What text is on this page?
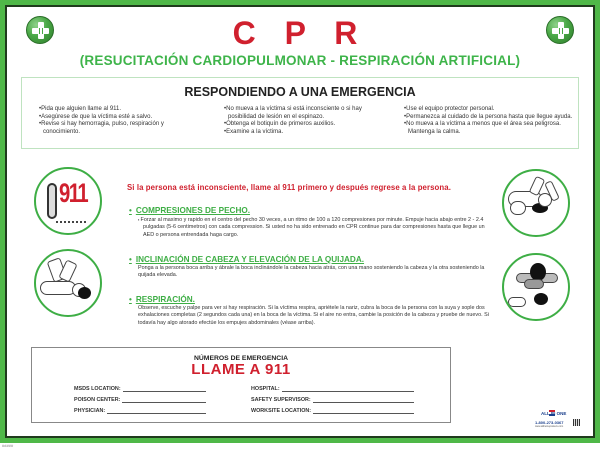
C P R
(RESUCITACIÓN CARDIOPULMONAR - RESPIRACIÓN ARTIFICIAL)
RESPONDIENDO A UNA EMERGENCIA
• Pida que alguien llame al 911.
• Asegúrese de que la víctima esté a salvo.
• Revise si hay hemorragia, pulso, respiración y conocimiento.
• No mueva a la víctima si está inconsciente o si hay posibilidad de lesión en el espinazo.
• Obtenga el botiquín de primeros auxilios.
• Examine a la víctima.
• Use el equipo protector personal.
• Permanezca al cuidado de la persona hasta que llegue ayuda.
• No mueva a la víctima a menos que el área sea peligrosa. Mantenga la calma.
911	Si la persona está inconsciente, llame al 911 primero y después regrese a la persona.
• COMPRESIONES DE PECHO.
▪ Forzar al maximo y rapido en el centro del pecho 30 veces, a un ritmo de 100 a 120 compresiones por minute. Empuje hacia abajo entre 2 - 2.4 pulgadas (5-6 centimetros) con cada compression. Si usted no ha sido entrenado en CPR continue para dar compresiones hasta que llegue un AED o persona entrendada haga cargo.
• INCLINACIÓN DE CABEZA Y ELEVACIÓN DE LA QUIJADA.
Ponga a la persona boca arriba y ábrale la boca inclinándole la cabeza hacia atrás, con una mano sosteniendo la cabeza y la otra sosteniendo la quijada elevada.
• RESPIRACIÓN.
Observe, escuche y palpe para ver si hay respiración. Si la víctima respira, apriétele la nariz, cubra la boca de la persona con la suya y sople dos exhalaciones completas (2 segundos cada una) en la boca de la víctima. Si el aire no entra, cambie la posición de la cabeza y pruebe de nuevo. Si todavía hay algo atorado efectúe los empujes abdominales (véase arriba).
NÚMEROS DE EMERGENCIA
LLAME A 911
MSDS LOCATION:
POISON CENTER:
PHYSICIAN:
HOSPITAL:
SAFETY SUPERVISOR:
WORKSITE LOCATION:	ALL IN ONE
1-800-273-0367
www.allinoneposters.com
#####
